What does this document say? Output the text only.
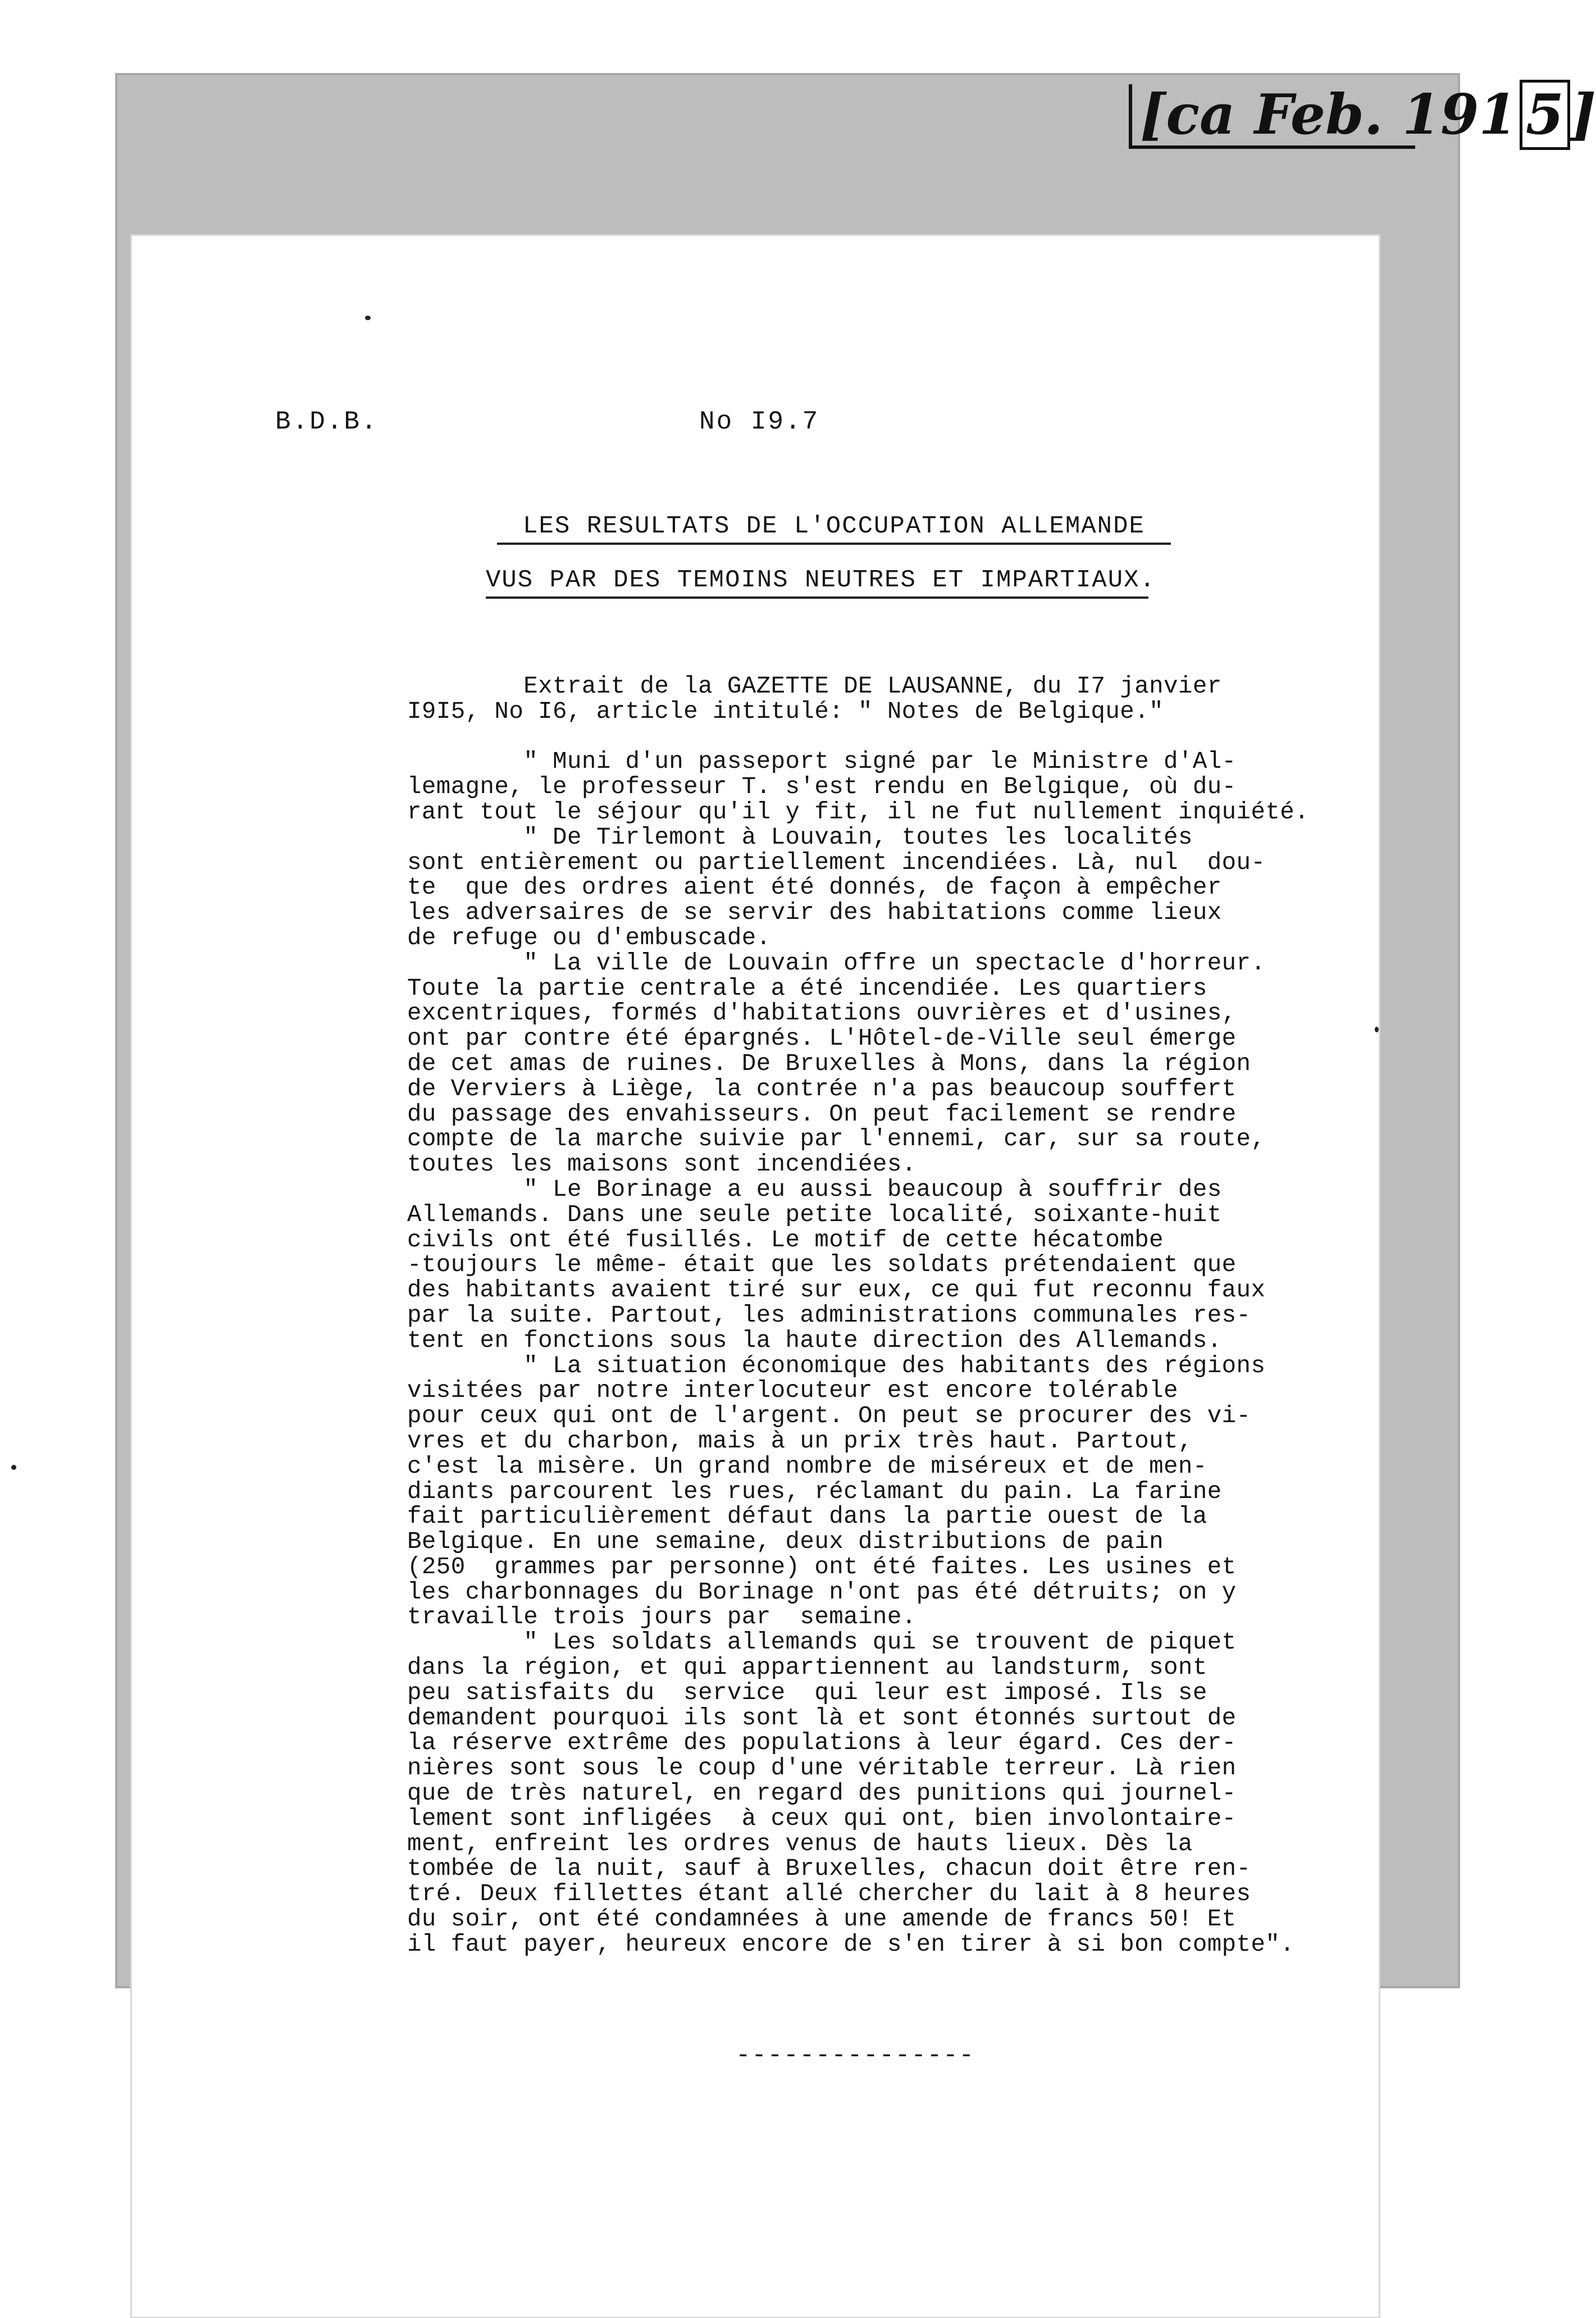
[ca Feb. 191 5 ]
B.D.B.	No I9.7
LES RESULTATS DE L'OCCUPATION ALLEMANDE
VUS PAR DES TEMOINS NEUTRES ET IMPARTIAUX.
Extrait de la GAZETTE DE LAUSANNE, du I7 janvier
I9I5, No I6, article intitulé: " Notes de Belgique."
" Muni d'un passeport signé par le Ministre d'Al-
lemagne, le professeur T. s'est rendu en Belgique, où du-
rant tout le séjour qu'il y fit, il ne fut nullement inquiété.
" De Tirlemont à Louvain, toutes les localités
sont entièrement ou partiellement incendiées. Là, nul  dou-
te  que des ordres aient été donnés, de façon à empêcher
les adversaires de se servir des habitations comme lieux
de refuge ou d'embuscade.
" La ville de Louvain offre un spectacle d'horreur.
Toute la partie centrale a été incendiée. Les quartiers
excentriques, formés d'habitations ouvrières et d'usines,
ont par contre été épargnés. L'Hôtel-de-Ville seul émerge
de cet amas de ruines. De Bruxelles à Mons, dans la région
de Verviers à Liège, la contrée n'a pas beaucoup souffert
du passage des envahisseurs. On peut facilement se rendre
compte de la marche suivie par l'ennemi, car, sur sa route,
toutes les maisons sont incendiées.
" Le Borinage a eu aussi beaucoup à souffrir des
Allemands. Dans une seule petite localité, soixante-huit
civils ont été fusillés. Le motif de cette hécatombe
-toujours le même- était que les soldats prétendaient que
des habitants avaient tiré sur eux, ce qui fut reconnu faux
par la suite. Partout, les administrations communales res-
tent en fonctions sous la haute direction des Allemands.
" La situation économique des habitants des régions
visitées par notre interlocuteur est encore tolérable
pour ceux qui ont de l'argent. On peut se procurer des vi-
vres et du charbon, mais à un prix très haut. Partout,
c'est la misère. Un grand nombre de miséreux et de men-
diants parcourent les rues, réclamant du pain. La farine
fait particulièrement défaut dans la partie ouest de la
Belgique. En une semaine, deux distributions de pain
(250  grammes par personne) ont été faites. Les usines et
les charbonnages du Borinage n'ont pas été détruits; on y
travaille trois jours par  semaine.
" Les soldats allemands qui se trouvent de piquet
dans la région, et qui appartiennent au landsturm, sont
peu satisfaits du  service  qui leur est imposé. Ils se
demandent pourquoi ils sont là et sont étonnés surtout de
la réserve extrême des populations à leur égard. Ces der-
nières sont sous le coup d'une véritable terreur. Là rien
que de très naturel, en regard des punitions qui journel-
lement sont infligées  à ceux qui ont, bien involontaire-
ment, enfreint les ordres venus de hauts lieux. Dès la
tombée de la nuit, sauf à Bruxelles, chacun doit être ren-
tré. Deux fillettes étant allé chercher du lait à 8 heures
du soir, ont été condamnées à une amende de francs 50! Et
il faut payer, heureux encore de s'en tirer à si bon compte".
---------------
